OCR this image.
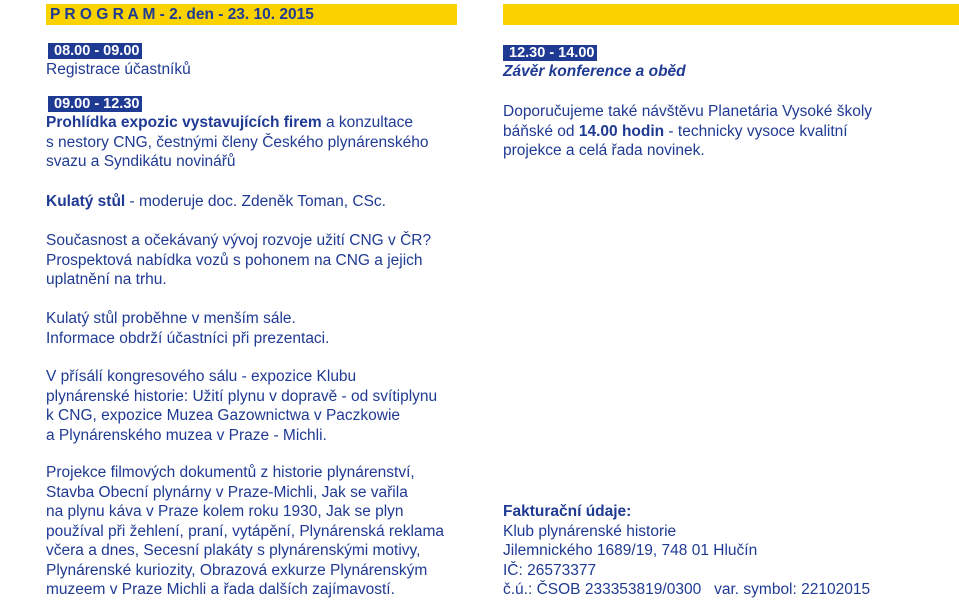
P R O G R A M - 2. den - 23. 10. 2015
08.00 - 09.00

Registrace účastníků

09.00 - 12.30

Prohlídka expozic vystavujících firem a konzultace

s nestory CNG, čestnými členy Českého plynárenského

svazu a Syndikátu novinářů

Kulatý stůl - moderuje doc. Zdeněk Toman, CSc.

Současnost a očekávaný vývoj rozvoje užití CNG v ČR?

Prospektová nabídka vozů s pohonem na CNG a jejich

uplatnění na trhu.

Kulatý stůl proběhne v menším sále.

Informace obdrží účastníci při prezentaci.

V přísálí kongresového sálu - expozice Klubu

plynárenské historie: Užití plynu v dopravě - od svítiplynu

k CNG, expozice Muzea Gazownictwa v Paczkowie

a Plynárenského muzea v Praze - Michli.

Projekce filmových dokumentů z historie plynárenství,

Stavba Obecní plynárny v Praze-Michli, Jak se vařila

na plynu káva v Praze kolem roku 1930, Jak se plyn

používal při žehlení, praní, vytápění, Plynárenská reklama

včera a dnes, Secesní plakáty s plynárenskými motivy,

Plynárenské kuriozity, Obrazová exkurze Plynárenským

muzeem v Praze Michli a řada dalších zajímavostí.

12.30 - 14.00

Závěr konference a oběd

Doporučujeme také návštěvu Planetária Vysoké školy

báňské od 14.00 hodin - technicky vysoce kvalitní

projekce a celá řada novinek.

Fakturační údaje:

Klub plynárenské historie

Jilemnického 1689/19, 748 01 Hlučín

IČ: 26573377

č.ú.: ČSOB 233353819/0300   var. symbol: 22102015
